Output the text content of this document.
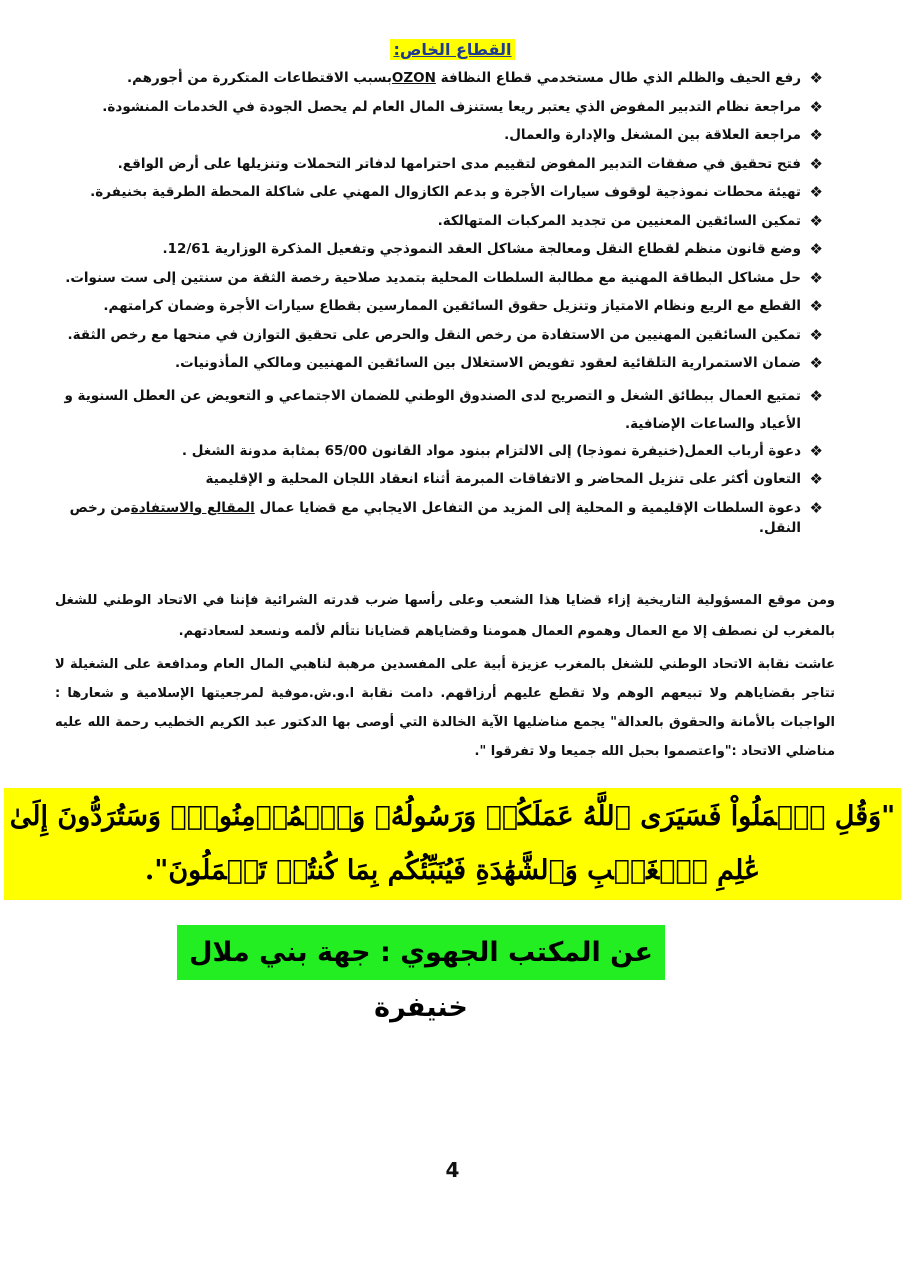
القطاع الخاص:
❖
رفع الحيف والظلم الذي طال مستخدمي قطاع النظافة OZONبسبب الاقتطاعات المتكررة من أجورهم.
❖
مراجعة نظام التدبير المفوض الذي يعتبر ريعا يستنزف المال العام لم يحصل الجودة في الخدمات المنشودة.
❖
مراجعة العلاقة بين المشغل والإدارة والعمال.
❖
فتح تحقيق في صفقات التدبير المفوض لتقييم مدى احترامها لدفاتر التحملات وتنزيلها على أرض الواقع.
❖
تهيئة محطات نموذجية لوقوف سيارات الأجرة و بدعم الكازوال المهني على شاكلة المحطة الطرقية بخنيفرة.
❖
تمكين السائقين المعنيين من تجديد المركبات المتهالكة.
❖
وضع قانون منظم لقطاع النقل ومعالجة مشاكل العقد النموذجي وتفعيل المذكرة الوزارية 12/61.
❖
حل مشاكل البطاقة المهنية مع مطالبة السلطات المحلية بتمديد صلاحية رخصة الثقة من سنتين إلى ست سنوات.
❖
القطع مع الريع ونظام الامتياز وتنزيل حقوق السائقين الممارسين بقطاع سيارات الأجرة وضمان كرامتهم.
❖
تمكين السائقين المهنيين من الاستفادة من رخص النقل والحرص على تحقيق التوازن في منحها مع رخص الثقة.
❖
ضمان الاستمرارية التلقائية لعقود تفويض الاستغلال بين السائقين المهنيين ومالكي المأذونيات.
❖
تمتيع العمال ببطائق الشغل و التصريح لدى الصندوق الوطني للضمان الاجتماعي و التعويض عن العطل السنوية و الأعياد والساعات الإضافية.
❖
دعوة أرباب العمل(خنيفرة نموذجا) إلى الالتزام ببنود مواد القانون 65/00 بمثابة مدونة الشغل .
❖
التعاون أكثر على تنزيل المحاضر و الاتفاقات المبرمة أثناء انعقاد اللجان المحلية و الإقليمية
❖
دعوة السلطات الإقليمية و المحلية إلى المزيد من التفاعل الايجابي مع قضايا عمال المقالع والاستفادةمن رخص النقل.
ومن موقع المسؤولية التاريخية إزاء قضايا هذا الشعب وعلى رأسها ضرب قدرته الشرائية فإننا في الاتحاد الوطني للشغل بالمغرب لن نصطف إلا مع العمال وهموم العمال همومنا وقضاياهم قضايانا نتألم لألمه ونسعد لسعادتهم.
عاشت نقابة الاتحاد الوطني للشغل بالمغرب عزيزة أبية على المفسدين مرهبة لناهبي المال العام ومدافعة على الشغيلة لا تتاجر بقضاياهم ولا تبيعهم الوهم ولا تقطع عليهم أرزاقهم. دامت نقابة ا.و.ش.موفية لمرجعيتها الإسلامية و شعارها : الواجبات بالأمانة والحقوق بالعدالة" يجمع مناضليها الآية الخالدة التي أوصى بها الدكتور عبد الكريم الخطيب رحمة الله عليه مناضلي الاتحاد :"واعتصموا بحبل الله جميعا ولا تفرقوا ".
"وَقُلِ ٱعۡمَلُواْ فَسَيَرَى ٱللَّهُ عَمَلَكُمۡ وَرَسُولُهُۥ وَٱلۡمُؤۡمِنُونَۖ وَسَتُرَدُّونَ إِلَىٰ
عَٰلِمِ ٱلۡغَيۡبِ وَٱلشَّهَٰدَةِ فَيُنَبِّئُكُم بِمَا كُنتُمۡ تَعۡمَلُونَ".
عن المكتب الجهوي : جهة بني ملال خنيفرة
4
